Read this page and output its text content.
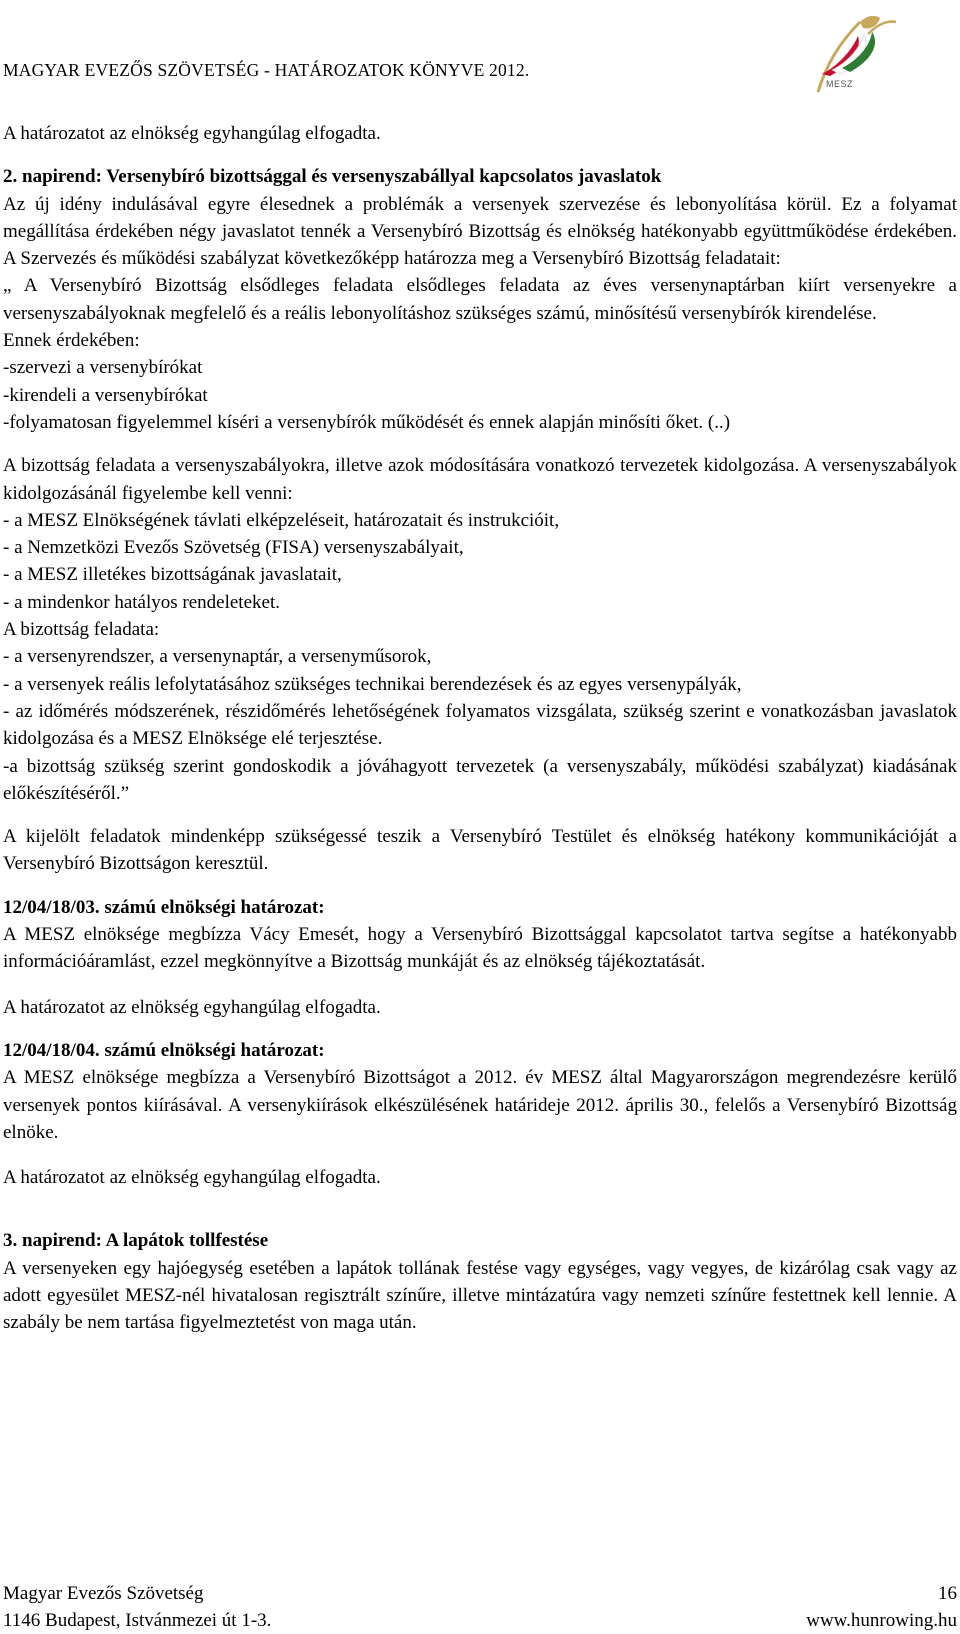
MAGYAR EVEZŐS SZÖVETSÉG - HATÁROZATOK KÖNYVE 2012.
MESZ

A határozatot az elnökség egyhangúlag elfogadta.

2. napirend: Versenybíró bizottsággal és versenyszabállyal kapcsolatos javaslatok

Az új idény indulásával egyre élesednek a problémák a versenyek szervezése és lebonyolítása körül. Ez a folyamat megállítása érdekében négy javaslatot tennék a Versenybíró Bizottság és elnökség hatékonyabb együttműködése érdekében. A Szervezés és működési szabályzat következőképp határozza meg a Versenybíró Bizottság feladatait:

„ A Versenybíró Bizottság elsődleges feladata elsődleges feladata az éves versenynaptárban kiírt versenyekre a versenyszabályoknak megfelelő és a reális lebonyolításhoz szükséges számú, minősítésű versenybírók kirendelése.

Ennek érdekében:

-szervezi a versenybírókat

-kirendeli a versenybírókat

-folyamatosan figyelemmel kíséri a versenybírók működését és ennek alapján minősíti őket. (..)

A bizottság feladata a versenyszabályokra, illetve azok módosítására vonatkozó tervezetek kidolgozása. A versenyszabályok kidolgozásánál figyelembe kell venni:

- a MESZ Elnökségének távlati elképzeléseit, határozatait és instrukcióit,

- a Nemzetközi Evezős Szövetség (FISA) versenyszabályait,

- a MESZ illetékes bizottságának javaslatait,

- a mindenkor hatályos rendeleteket.

A bizottság feladata:

- a versenyrendszer, a versenynaptár, a versenyműsorok,

- a versenyek reális lefolytatásához szükséges technikai berendezések és az egyes versenypályák,

- az időmérés módszerének, részidőmérés lehetőségének folyamatos vizsgálata, szükség szerint e vonatkozásban javaslatok kidolgozása és a MESZ Elnöksége elé terjesztése.

-a bizottság szükség szerint gondoskodik a jóváhagyott tervezetek (a versenyszabály, működési szabályzat) kiadásának előkészítéséről.”

A kijelölt feladatok mindenképp szükségessé teszik a Versenybíró Testület és elnökség hatékony kommunikációját a Versenybíró Bizottságon keresztül.

12/04/18/03. számú elnökségi határozat:

A MESZ elnöksége megbízza Vácy Emesét, hogy a Versenybíró Bizottsággal kapcsolatot tartva segítse a hatékonyabb információáramlást, ezzel megkönnyítve a Bizottság munkáját és az elnökség tájékoztatását.

A határozatot az elnökség egyhangúlag elfogadta.

12/04/18/04. számú elnökségi határozat:

A MESZ elnöksége megbízza a Versenybíró Bizottságot a 2012. év MESZ által Magyarországon megrendezésre kerülő versenyek pontos kiírásával. A versenykiírások elkészülésének határideje 2012. április 30., felelős a Versenybíró Bizottság elnöke.

A határozatot az elnökség egyhangúlag elfogadta.

3. napirend: A lapátok tollfestése

A versenyeken egy hajóegység esetében a lapátok tollának festése vagy egységes, vagy vegyes, de kizárólag csak vagy az adott egyesület MESZ-nél hivatalosan regisztrált színűre, illetve mintázatúra vagy nemzeti színűre festettnek kell lennie. A szabály be nem tartása figyelmeztetést von maga után.

Magyar Evezős Szövetség
1146 Budapest, Istvánmezei út 1-3.
16
www.hunrowing.hu
